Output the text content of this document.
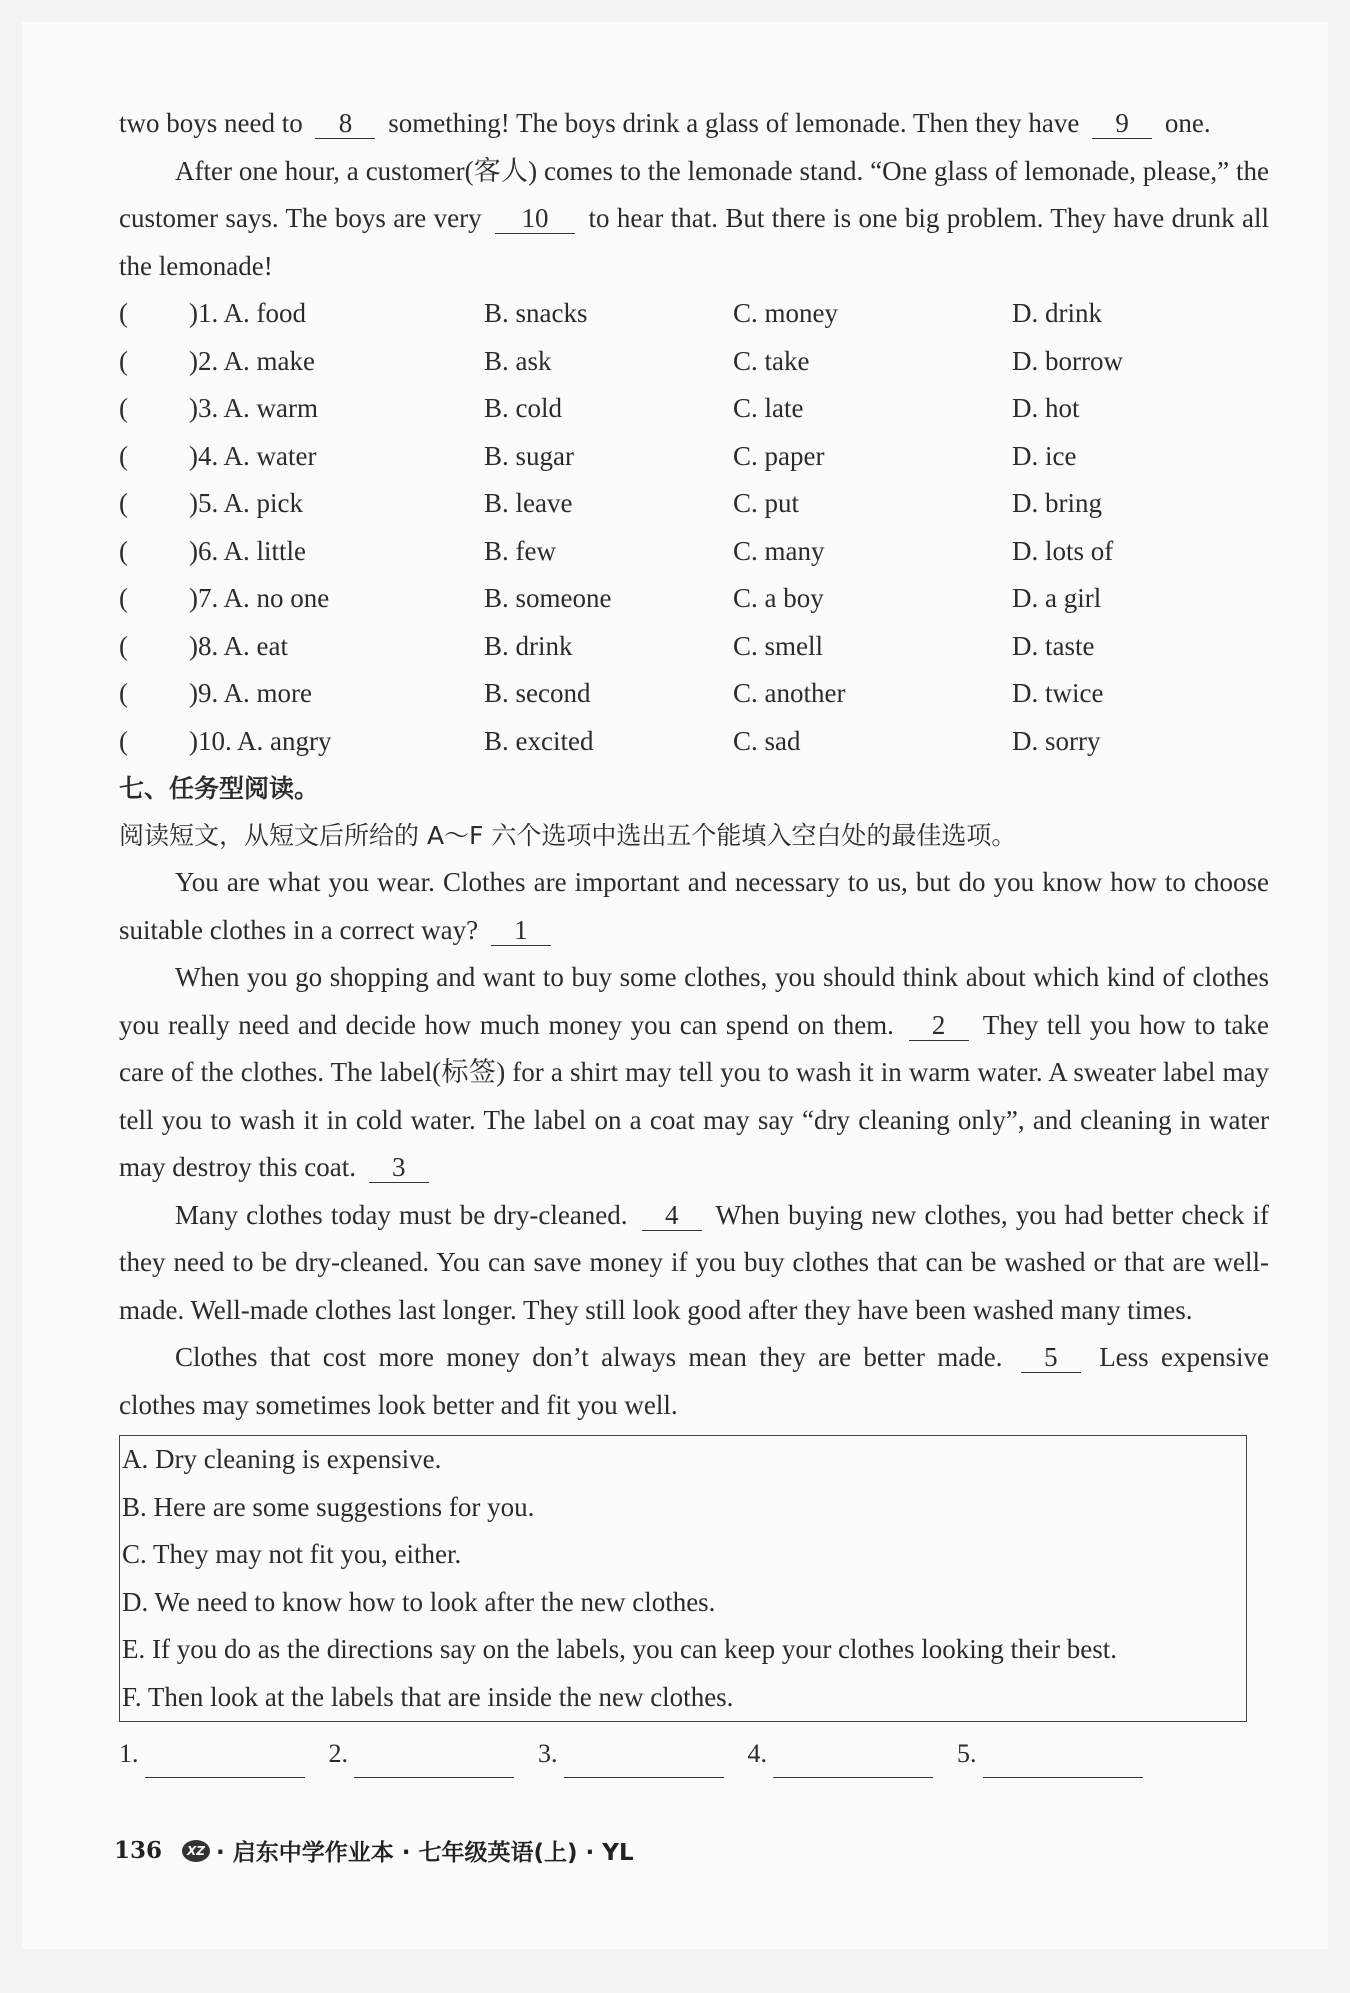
two boys need to 8 something! The boys drink a glass of lemonade. Then they have 9 one.

After one hour, a customer(客人) comes to the lemonade stand. “One glass of lemonade, please,” the customer says. The boys are very 10 to hear that. But there is one big problem. They have drunk all the lemonade!

(	)1. A. food	B. snacks	C. money	D. drink
(	)2. A. make	B. ask	C. take	D. borrow
(	)3. A. warm	B. cold	C. late	D. hot
(	)4. A. water	B. sugar	C. paper	D. ice
(	)5. A. pick	B. leave	C. put	D. bring
(	)6. A. little	B. few	C. many	D. lots of
(	)7. A. no one	B. someone	C. a boy	D. a girl
(	)8. A. eat	B. drink	C. smell	D. taste
(	)9. A. more	B. second	C. another	D. twice
(	)10. A. angry	B. excited	C. sad	D. sorry
七、任务型阅读。
阅读短文，从短文后所给的 A～F 六个选项中选出五个能填入空白处的最佳选项。

You are what you wear. Clothes are important and necessary to us, but do you know how to choose suitable clothes in a correct way? 1

When you go shopping and want to buy some clothes, you should think about which kind of clothes you really need and decide how much money you can spend on them. 2 They tell you how to take care of the clothes. The label(标签) for a shirt may tell you to wash it in warm water. A sweater label may tell you to wash it in cold water. The label on a coat may say “dry cleaning only”, and cleaning in water may destroy this coat. 3

Many clothes today must be dry-cleaned. 4 When buying new clothes, you had better check if they need to be dry-cleaned. You can save money if you buy clothes that can be washed or that are well-made. Well-made clothes last longer. They still look good after they have been washed many times.

Clothes that cost more money don’t always mean they are better made. 5 Less expensive clothes may sometimes look better and fit you well.

A. Dry cleaning is expensive.
B. Here are some suggestions for you.
C. They may not fit you, either.
D. We need to know how to look after the new clothes.
E. If you do as the directions say on the labels, you can keep your clothes looking their best.
F. Then look at the labels that are inside the new clothes.
1.	2.	3.	4.	5.
136	XZ · 启东中学作业本 · 七年级英语(上) · YL
